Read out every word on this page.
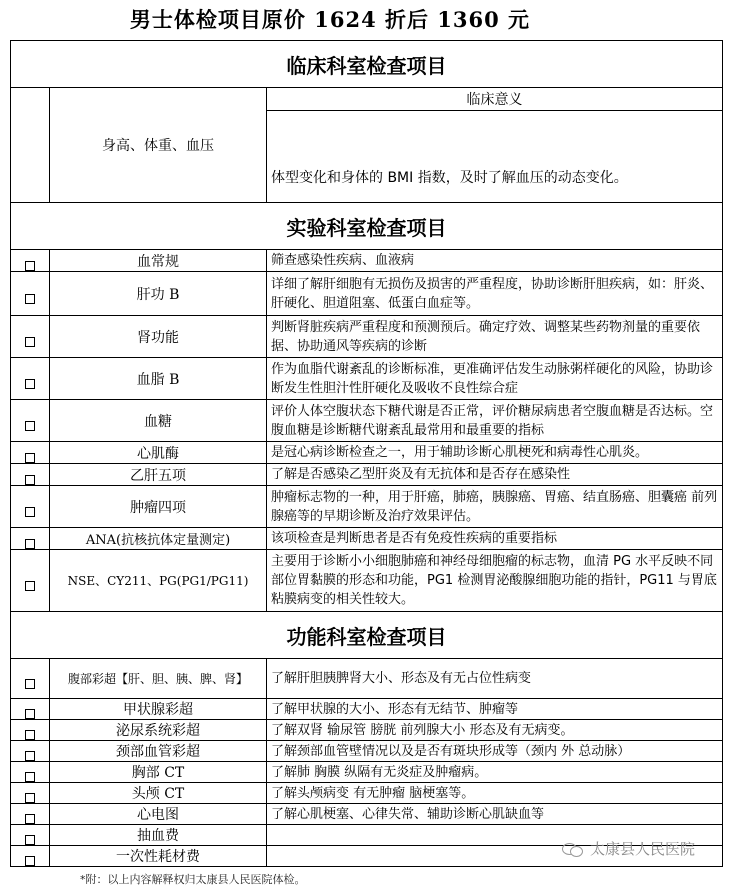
男士体检项目原价 1624 折后 1360 元
临床科室检查项目		
	身高、体重、血压	临床意义
		体型变化和身体的 BMI 指数，及时了解血压的动态变化。
实验科室检查项目		
	血常规	筛查感染性疾病、血液病
	肝功 B	详细了解肝细胞有无损伤及损害的严重程度，协助诊断肝胆疾病，如：肝炎、肝硬化、胆道阻塞、低蛋白血症等。
	肾功能	判断肾脏疾病严重程度和预测预后。确定疗效、调整某些药物剂量的重要依据、协助通风等疾病的诊断
	血脂 B	作为血脂代谢紊乱的诊断标准，更准确评估发生动脉粥样硬化的风险，协助诊断发生性胆汁性肝硬化及吸收不良性综合症
	血糖	评价人体空腹状态下糖代谢是否正常，评价糖尿病患者空腹血糖是否达标。空腹血糖是诊断糖代谢紊乱最常用和最重要的指标
	心肌酶	是冠心病诊断检查之一，用于辅助诊断心肌梗死和病毒性心肌炎。
	乙肝五项	了解是否感染乙型肝炎及有无抗体和是否存在感染性
	肿瘤四项	肿瘤标志物的一种，用于肝癌，肺癌，胰腺癌、胃癌、结直肠癌、胆囊癌 前列腺癌等的早期诊断及治疗效果评估。
	ANA(抗核抗体定量测定)	该项检查是判断患者是否有免疫性疾病的重要指标
	NSE、CY211、PG(PG1/PG11)	主要用于诊断小小细胞肺癌和神经母细胞瘤的标志物，血清 PG 水平反映不同部位胃黏膜的形态和功能，PG1 检测胃泌酸腺细胞功能的指针，PG11 与胃底粘膜病变的相关性较大。
功能科室检查项目		
	腹部彩超【肝、胆、胰、脾、肾】	了解肝胆胰脾肾大小、形态及有无占位性病变
	甲状腺彩超	了解甲状腺的大小、形态有无结节、肿瘤等
	泌尿系统彩超	了解双肾 输尿管 膀胱 前列腺大小 形态及有无病变。
	颈部血管彩超	了解颈部血管壁情况以及是否有斑块形成等（颈内 外 总动脉）
	胸部 CT	了解肺 胸膜 纵隔有无炎症及肿瘤病。
	头颅 CT	了解头颅病变 有无肿瘤 脑梗塞等。
	心电图	了解心肌梗塞、心律失常、辅助诊断心肌缺血等
	抽血费	
	一次性耗材费	
*附：以上内容解释权归太康县人民医院体检。
太康县人民医院
